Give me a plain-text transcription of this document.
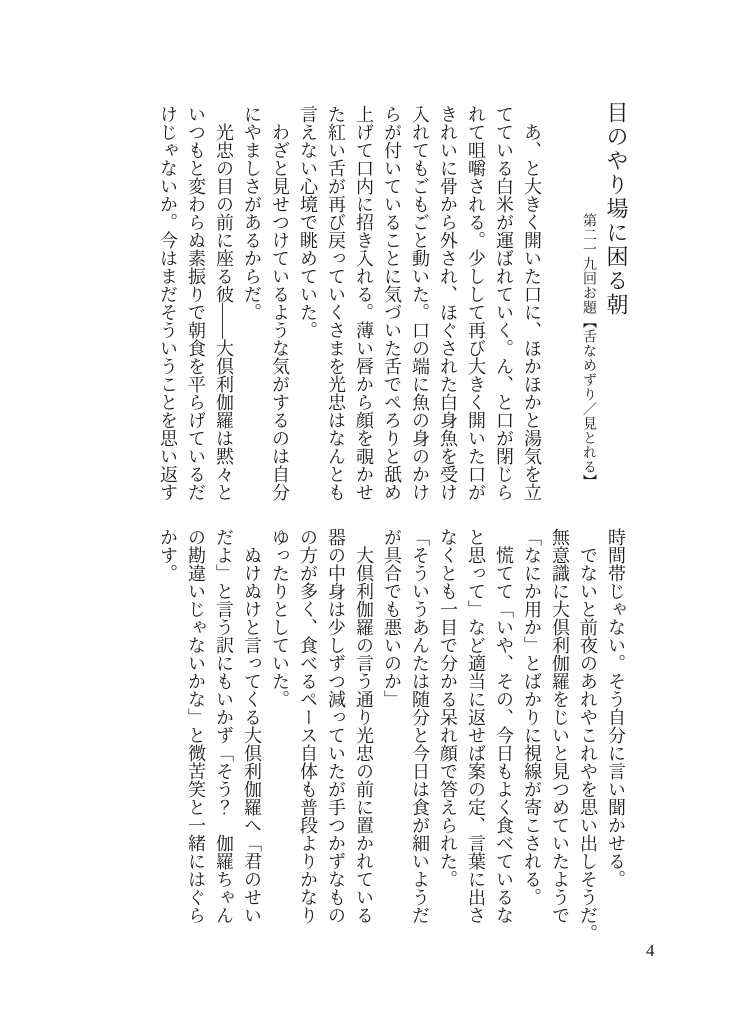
目のやり場に困る朝
第二一九回お題【舌なめずり／見とれる】

　あ、と大きく開いた口に、ほかほかと湯気を立てている白米が運ばれていく。ん、と口が閉じられて咀嚼される。少しして再び大きく開いた口がきれいに骨から外され、ほぐされた白身魚を受け入れてもごもごと動いた。口の端に魚の身のかけらが付いていることに気づいた舌でぺろりと舐め上げて口内に招き入れる。薄い唇から顔を覗かせた紅い舌が再び戻っていくさまを光忠はなんとも言えない心境で眺めていた。

　わざと見せつけているような気がするのは自分にやましさがあるからだ。

　光忠の目の前に座る彼――大倶利伽羅は黙々といつもと変わらぬ素振りで朝食を平らげているだけじゃないか。今はまだそういうことを思い返す

時間帯じゃない。そう自分に言い聞かせる。

　でないと前夜のあれやこれやを思い出しそうだ。

無意識に大倶利伽羅をじいと見つめていたようで「なにか用か」とばかりに視線が寄こされる。

　慌てて「いや、その、今日もよく食べているなと思って」など適当に返せば案の定、言葉に出さなくとも一目で分かる呆れ顔で答えられた。

「そういうあんたは随分と今日は食が細いようだが具合でも悪いのか」

　大倶利伽羅の言う通り光忠の前に置かれている器の中身は少しずつ減っていたが手つかずなものの方が多く、食べるペース自体も普段よりかなりゆったりとしていた。

　ぬけぬけと言ってくる大倶利伽羅へ「君のせいだよ」と言う訳にもいかず「そう？　伽羅ちゃんの勘違いじゃないかな」と微苦笑と一緒にはぐらかす。

4
